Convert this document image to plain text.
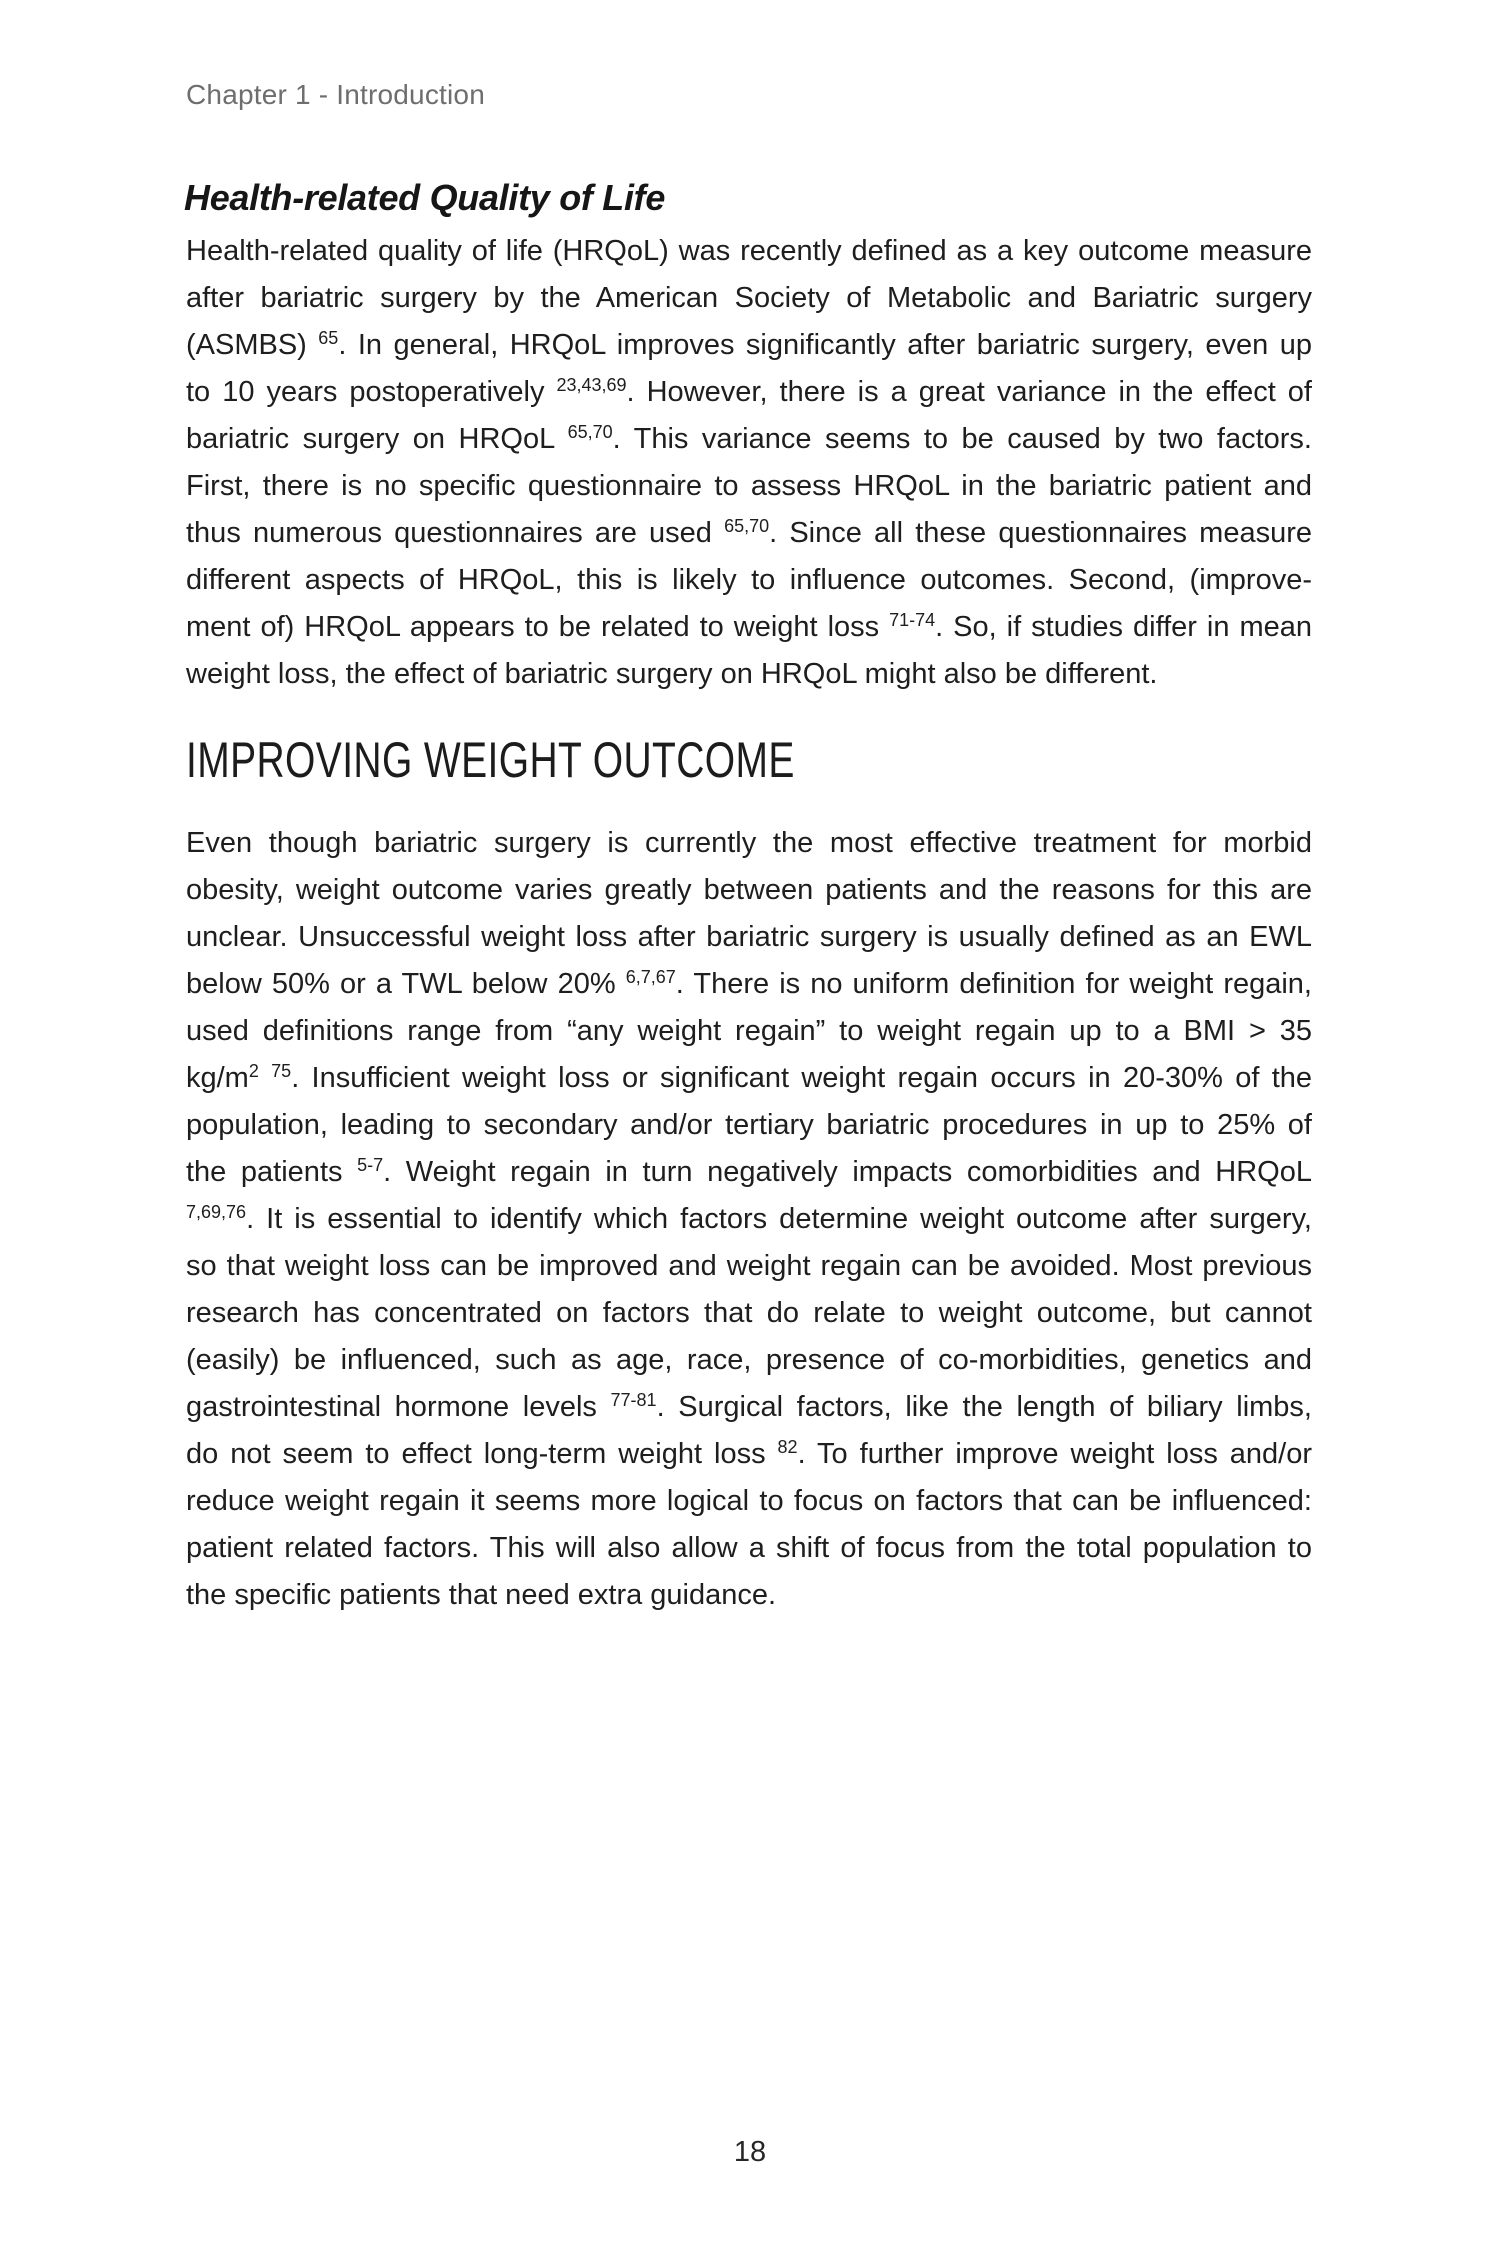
Chapter 1 - Introduction
Health-related Quality of Life
Health-related quality of life (HRQoL) was recently defined as a key outcome measure
after bariatric surgery by the American Society of Metabolic and Bariatric surgery
(ASMBS) $^{65}$. In general, HRQoL improves significantly after bariatric surgery, even up
to 10 years postoperatively $^{23,43,69}$. However, there is a great variance in the effect of
bariatric surgery on HRQoL $^{65,70}$. This variance seems to be caused by two factors.
First, there is no specific questionnaire to assess HRQoL in the bariatric patient and
thus numerous questionnaires are used $^{65,70}$. Since all these questionnaires measure
different aspects of HRQoL, this is likely to influence outcomes. Second, (improve-
ment of) HRQoL appears to be related to weight loss $^{71-74}$. So, if studies differ in mean
weight loss, the effect of bariatric surgery on HRQoL might also be different.
IMPROVING WEIGHT OUTCOME
Even though bariatric surgery is currently the most effective treatment for morbid
obesity, weight outcome varies greatly between patients and the reasons for this are
unclear. Unsuccessful weight loss after bariatric surgery is usually defined as an EWL
below 50% or a TWL below 20% $^{6,7,67}$. There is no uniform definition for weight regain,
used definitions range from “any weight regain” to weight regain up to a BMI > 35
$kg/m^2$ $^{75}$. Insufficient weight loss or significant weight regain occurs in 20-30% of the
population, leading to secondary and/or tertiary bariatric procedures in up to 25% of
the patients $^{5-7}$. Weight regain in turn negatively impacts comorbidities and HRQoL
$^{7,69,76}$. It is essential to identify which factors determine weight outcome after surgery,
so that weight loss can be improved and weight regain can be avoided. Most previous
research has concentrated on factors that do relate to weight outcome, but cannot
(easily) be influenced, such as age, race, presence of co-morbidities, genetics and
gastrointestinal hormone levels $^{77-81}$. Surgical factors, like the length of biliary limbs,
do not seem to effect long-term weight loss $^{82}$. To further improve weight loss and/or
reduce weight regain it seems more logical to focus on factors that can be influenced:
patient related factors. This will also allow a shift of focus from the total population to
the specific patients that need extra guidance.
18
